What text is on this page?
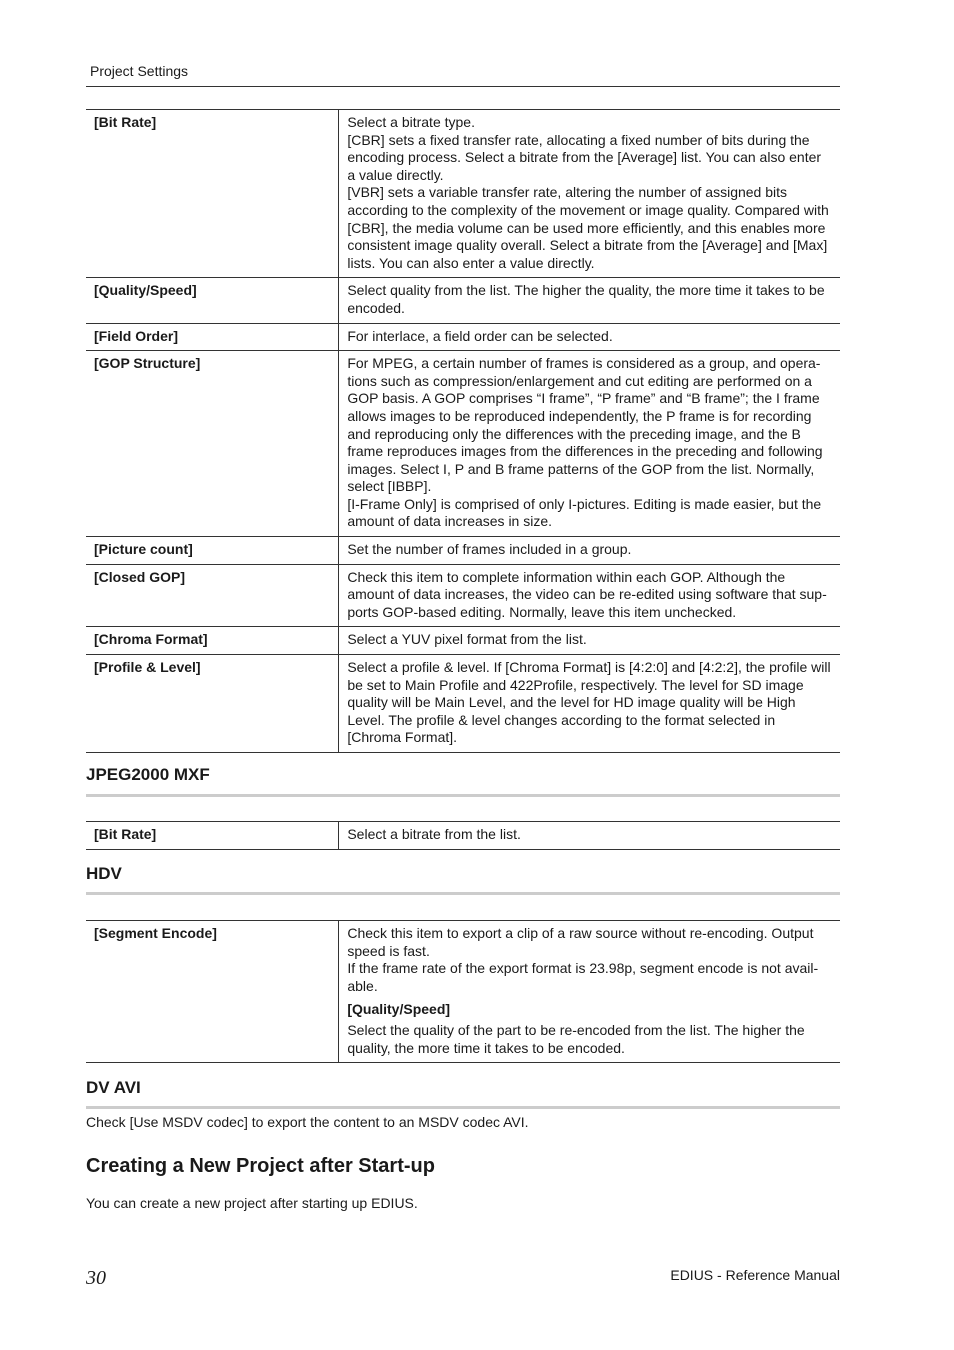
Project Settings
[Bit Rate]	Select a bitrate type.

[CBR] sets a fixed transfer rate, allocating a fixed number of bits during the encoding process. Select a bitrate from the [Average] list. You can also enter a value directly.

[VBR] sets a variable transfer rate, altering the number of assigned bits according to the complexity of the movement or image quality. Compared with [CBR], the media volume can be used more efficiently, and this enables more consistent image quality overall. Select a bitrate from the [Average] and [Max] lists. You can also enter a value directly.

[Quality/Speed]	Select quality from the list. The higher the quality, the more time it takes to be encoded.

[Field Order]	For interlace, a field order can be selected.

[GOP Structure]	For MPEG, a certain number of frames is considered as a group, and opera-tions such as compression/enlargement and cut editing are performed on a GOP basis. A GOP comprises “I frame”, “P frame” and “B frame”; the I frame allows images to be reproduced independently, the P frame is for recording and reproducing only the differences with the preceding image, and the B frame reproduces images from the differences in the preceding and following images. Select I, P and B frame patterns of the GOP from the list. Normally, select [IBBP].

[I-Frame Only] is comprised of only I-pictures. Editing is made easier, but the amount of data increases in size.

[Picture count]	Set the number of frames included in a group.

[Closed GOP]	Check this item to complete information within each GOP. Although the amount of data increases, the video can be re-edited using software that sup-ports GOP-based editing. Normally, leave this item unchecked.

[Chroma Format]	Select a YUV pixel format from the list.

[Profile & Level]	Select a profile & level. If [Chroma Format] is [4:2:0] and [4:2:2], the profile will be set to Main Profile and 422Profile, respectively. The level for SD image quality will be Main Level, and the level for HD image quality will be High Level. The profile & level changes according to the format selected in [Chroma Format].

JPEG2000 MXF
[Bit Rate]	Select a bitrate from the list.

HDV
[Segment Encode]	Check this item to export a clip of a raw source without re-encoding. Output speed is fast.

If the frame rate of the export format is 23.98p, segment encode is not avail-able.

[Quality/Speed]

Select the quality of the part to be re-encoded from the list. The higher the quality, the more time it takes to be encoded.

DV AVI
Check [Use MSDV codec] to export the content to an MSDV codec AVI.
Creating a New Project after Start-up
You can create a new project after starting up EDIUS.
30	EDIUS - Reference Manual
